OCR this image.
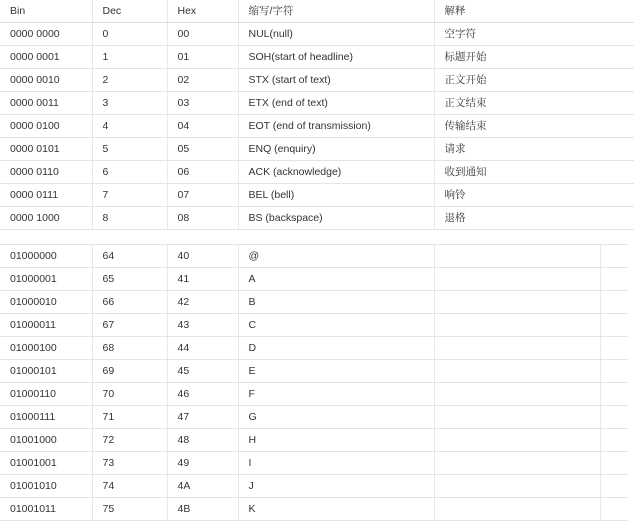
Bin	Dec	Hex	缩写/字符	解释
0000 0000	0	00	NUL(null)	空字符
0000 0001	1	01	SOH(start of headline)	标题开始
0000 0010	2	02	STX (start of text)	正文开始
0000 0011	3	03	ETX (end of text)	正文结束
0000 0100	4	04	EOT (end of transmission)	传输结束
0000 0101	5	05	ENQ (enquiry)	请求
0000 0110	6	06	ACK (acknowledge)	收到通知
0000 0111	7	07	BEL (bell)	响铃
0000 1000	8	08	BS (backspace)	退格
01000000	64	40	@		
01000001	65	41	A		
01000010	66	42	B		
01000011	67	43	C		
01000100	68	44	D		
01000101	69	45	E		
01000110	70	46	F		
01000111	71	47	G		
01001000	72	48	H		
01001001	73	49	I		
01001010	74	4A	J		
01001011	75	4B	K		
